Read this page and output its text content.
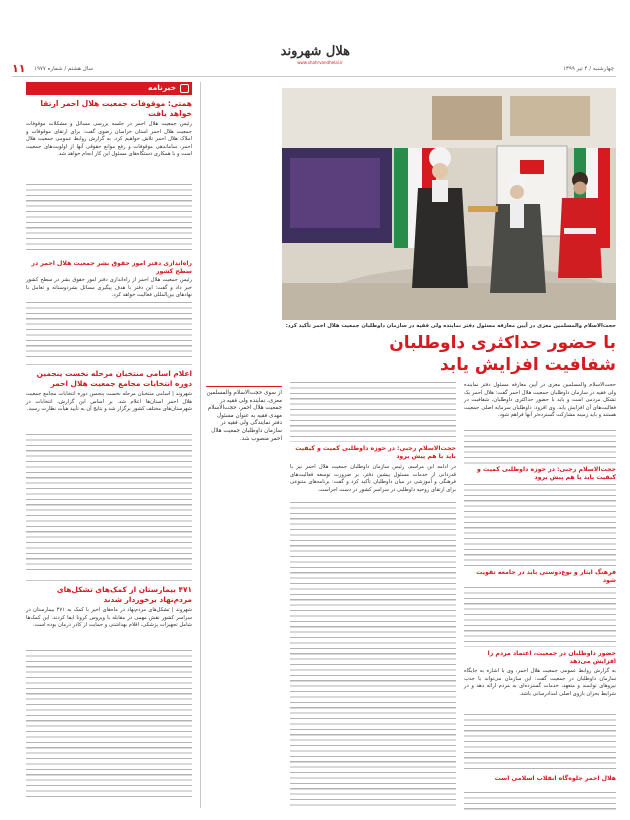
هلال شهروند
www.shahrvandhelal.ir
چهارشنبه / ۴ تیر ۱۳۹۹
سال هشتم / شماره ۱۹۷۷
۱۱
خبرنامه
همتی: موقوفات جمعیت هلال احمر ارتقا خواهد یافت
رئیس جمعیت هلال احمر در جلسه بررسی مسائل و مشکلات موقوفات جمعیت هلال احمر استان خراسان رضوی گفت: برای ارتقای موقوفات و املاک هلال احمر تلاش خواهیم کرد. به گزارش روابط عمومی جمعیت هلال احمر، ساماندهی موقوفات و رفع موانع حقوقی آنها از اولویت‌های جمعیت است و با همکاری دستگاه‌های مسئول این کار انجام خواهد شد.
راه‌اندازی دفتر امور حقوق بشر جمعیت هلال احمر در سطح کشور
رئیس جمعیت هلال احمر از راه‌اندازی دفتر امور حقوق بشر در سطح کشور خبر داد و گفت: این دفتر با هدف پیگیری مسائل بشردوستانه و تعامل با نهادهای بین‌المللی فعالیت خواهد کرد.
اعلام اسامی منتخبان مرحله نخست پنجمین دوره انتخابات مجامع جمعیت هلال احمر
شهروند | اسامی منتخبان مرحله نخست پنجمین دوره انتخابات مجامع جمعیت هلال احمر استان‌ها اعلام شد. بر اساس این گزارش، انتخابات در شهرستان‌های مختلف کشور برگزار شد و نتایج آن به تأیید هیأت نظارت رسید.
۴۷۱ بیمارستان از کمک‌های تشکل‌های مردم‌نهاد برخوردار شدند
شهروند | تشکل‌های مردم‌نهاد در ماه‌های اخیر با کمک به ۴۷۱ بیمارستان در سراسر کشور نقش مهمی در مقابله با ویروس کرونا ایفا کردند. این کمک‌ها شامل تجهیزات پزشکی، اقلام بهداشتی و حمایت از کادر درمان بوده است.
حجت‌الاسلام والمسلمین معزی در آیین معارفه مسئول دفتر نماینده ولی فقیه در سازمان داوطلبان جمعیت هلال احمر تأکید کرد:
با حضور حداکثری داوطلبان
شفافیت افزایش یابد
حجت‌الاسلام والمسلمین معزی در آیین معارفه مسئول دفتر نماینده ولی فقیه در سازمان داوطلبان جمعیت هلال احمر گفت: هلال احمر یک تشکل مردمی است و باید با حضور حداکثری داوطلبان، شفافیت در فعالیت‌های آن افزایش یابد. وی افزود: داوطلبان سرمایه اصلی جمعیت هستند و باید زمینه مشارکت گسترده‌تر آنها فراهم شود.
حجت‌الاسلام رجبی: در حوزه داوطلبی کمیت و کیفیت باید با هم پیش برود
فرهنگ ایثار و نوع‌دوستی باید در جامعه تقویت شود
حضور داوطلبان در جمعیت، اعتماد مردم را افزایش می‌دهد
به گزارش روابط عمومی جمعیت هلال احمر، وی با اشاره به جایگاه سازمان داوطلبان در جمعیت گفت: این سازمان می‌تواند با جذب نیروهای توانمند و متعهد، خدمات گسترده‌ای به مردم ارائه دهد و در شرایط بحران بازوی اصلی امدادرسانی باشد.
هلال احمر جلوه‌گاه انقلاب اسلامی است
حجت‌الاسلام رجبی: در حوزه داوطلبی کمیت و کیفیت باید با هم پیش برود
در ادامه این مراسم، رئیس سازمان داوطلبان جمعیت هلال احمر نیز با قدردانی از خدمات مسئول پیشین دفتر، بر ضرورت توسعه فعالیت‌های فرهنگی و آموزشی در میان داوطلبان تأکید کرد و گفت: برنامه‌های متنوعی برای ارتقای روحیه داوطلبی در سراسر کشور در دست اجراست.
از سوی حجت‌الاسلام والمسلمین معزی، نماینده ولی فقیه در جمعیت هلال احمر، حجت‌الاسلام مهدی فقیه به عنوان مسئول دفتر نمایندگی ولی فقیه در سازمان داوطلبان جمعیت هلال احمر منصوب شد.
